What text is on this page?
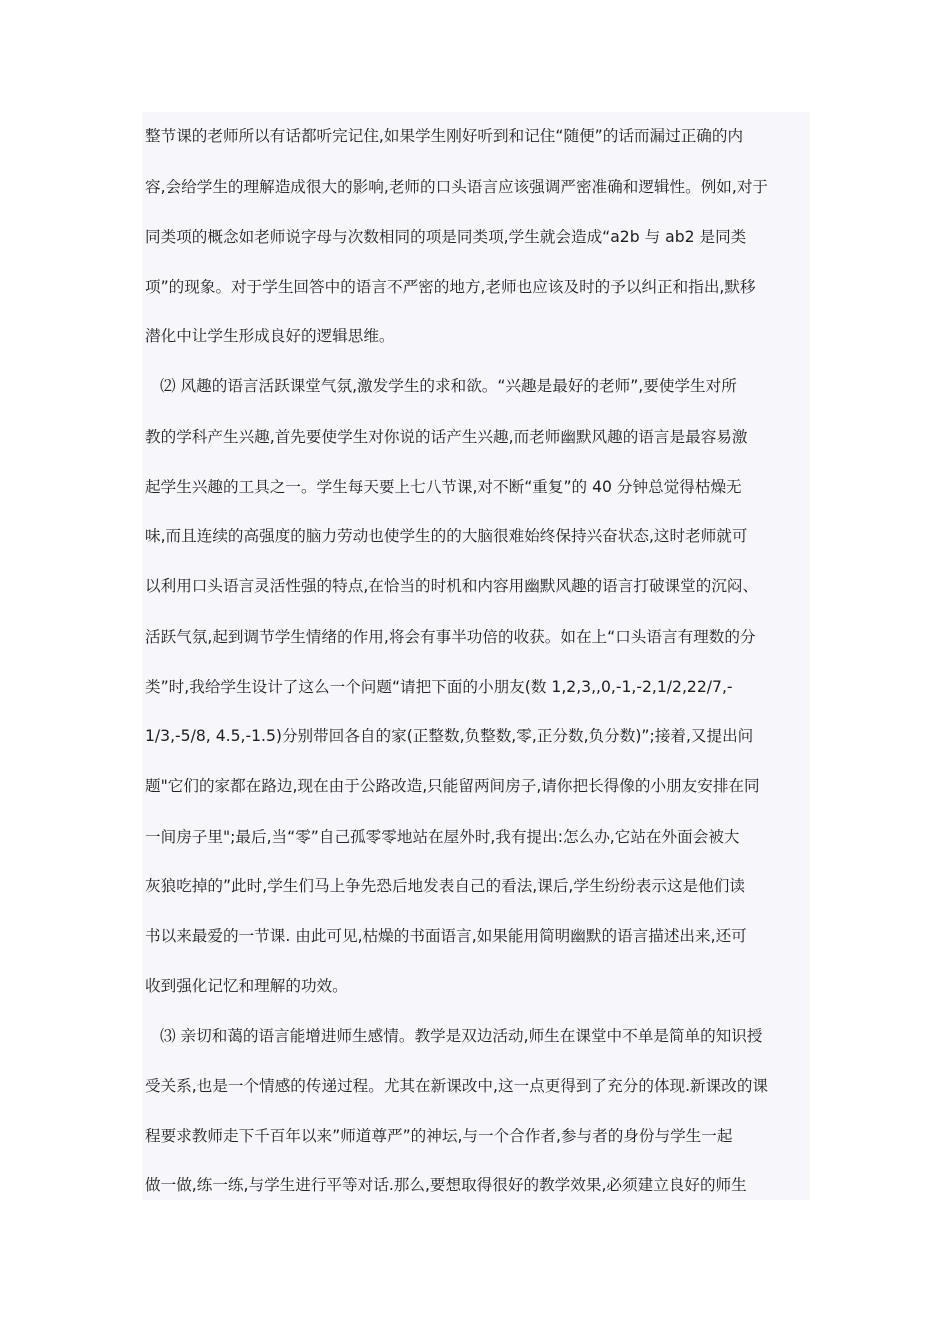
整节课的老师所以有话都听完记住,如果学生刚好听到和记住“随便”的话而漏过正确的内
容,会给学生的理解造成很大的影响,老师的口头语言应该强调严密准确和逻辑性。例如,对于
同类项的概念如老师说字母与次数相同的项是同类项,学生就会造成“a2b 与 ab2 是同类
项”的现象。对于学生回答中的语言不严密的地方,老师也应该及时的予以纠正和指出,默移
潜化中让学生形成良好的逻辑思维。
⑵ 风趣的语言活跃课堂气氛,激发学生的求和欲。“兴趣是最好的老师”,要使学生对所
教的学科产生兴趣,首先要使学生对你说的话产生兴趣,而老师幽默风趣的语言是最容易激
起学生兴趣的工具之一。学生每天要上七八节课,对不断“重复”的 40 分钟总觉得枯燥无
味,而且连续的高强度的脑力劳动也使学生的的大脑很难始终保持兴奋状态,这时老师就可
以利用口头语言灵活性强的特点,在恰当的时机和内容用幽默风趣的语言打破课堂的沉闷、
活跃气氛,起到调节学生情绪的作用,将会有事半功倍的收获。如在上“口头语言有理数的分
类”时,我给学生设计了这么一个问题“请把下面的小朋友(数 1,2,3,,0,-1,-2,1/2,22/7,-
1/3,-5/8, 4.5,-1.5)分别带回各自的家(正整数,负整数,零,正分数,负分数)”;接着,又提出问
题"它们的家都在路边,现在由于公路改造,只能留两间房子,请你把长得像的小朋友安排在同
一间房子里";最后,当“零”自己孤零零地站在屋外时,我有提出:怎么办,它站在外面会被大
灰狼吃掉的”此时,学生们马上争先恐后地发表自己的看法,课后,学生纷纷表示这是他们读
书以来最爱的一节课. 由此可见,枯燥的书面语言,如果能用简明幽默的语言描述出来,还可
收到强化记忆和理解的功效。
⑶ 亲切和蔼的语言能增进师生感情。教学是双边活动,师生在课堂中不单是简单的知识授
受关系,也是一个情感的传递过程。尤其在新课改中,这一点更得到了充分的体现.新课改的课
程要求教师走下千百年以来”师道尊严”的神坛,与一个合作者,参与者的身份与学生一起
做一做,练一练,与学生进行平等对话.那么,要想取得很好的教学效果,必须建立良好的师生
